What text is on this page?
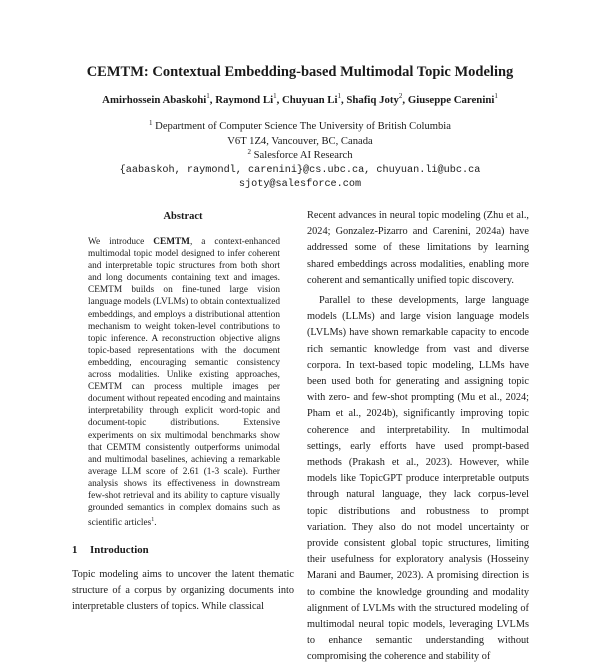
CEMTM: Contextual Embedding-based Multimodal Topic Modeling
Amirhossein Abaskohi$^1$, Raymond Li$^1$, Chuyuan Li$^1$, Shafiq Joty$^2$, Giuseppe Carenini$^1$
$^1$ Department of Computer Science The University of British Columbia
V6T 1Z4, Vancouver, BC, Canada
$^2$ Salesforce AI Research
{aabaskoh, raymondl, carenini}@cs.ubc.ca, chuyuan.li@ubc.ca
sjoty@salesforce.com
Abstract
We introduce CEMTM, a context-enhanced multimodal topic model designed to infer coherent and interpretable topic structures from both short and long documents containing text and images. CEMTM builds on fine-tuned large vision language models (LVLMs) to obtain contextualized embeddings, and employs a distributional attention mechanism to weight token-level contributions to topic inference. A reconstruction objective aligns topic-based representations with the document embedding, encouraging semantic consistency across modalities. Unlike existing approaches, CEMTM can process multiple images per document without repeated encoding and maintains interpretability through explicit word-topic and document-topic distributions. Extensive experiments on six multimodal benchmarks show that CEMTM consistently outperforms unimodal and multimodal baselines, achieving a remarkable average LLM score of 2.61 (1-3 scale). Further analysis shows its effectiveness in downstream few-shot retrieval and its ability to capture visually grounded semantics in complex domains such as scientific articles$^1$.
1 Introduction
Topic modeling aims to uncover the latent thematic structure of a corpus by organizing documents into interpretable clusters of topics. While classical

Recent advances in neural topic modeling (Zhu et al., 2024; Gonzalez-Pizarro and Carenini, 2024a) have addressed some of these limitations by learning shared embeddings across modalities, enabling more coherent and semantically unified topic discovery.

Parallel to these developments, large language models (LLMs) and large vision language models (LVLMs) have shown remarkable capacity to encode rich semantic knowledge from vast and diverse corpora. In text-based topic modeling, LLMs have been used both for generating and assigning topic with zero- and few-shot prompting (Mu et al., 2024; Pham et al., 2024b), significantly improving topic coherence and interpretability. In multimodal settings, early efforts have used prompt-based methods (Prakash et al., 2023). However, while models like TopicGPT produce interpretable outputs through natural language, they lack corpus-level topic distributions and robustness to prompt variation. They also do not model uncertainty or provide consistent global topic structures, limiting their usefulness for exploratory analysis (Hosseiny Marani and Baumer, 2023). A promising direction is to combine the knowledge grounding and modality alignment of LVLMs with the structured modeling of multimodal neural topic models, leveraging LVLMs to enhance semantic understanding without compromising the coherence and stability of
